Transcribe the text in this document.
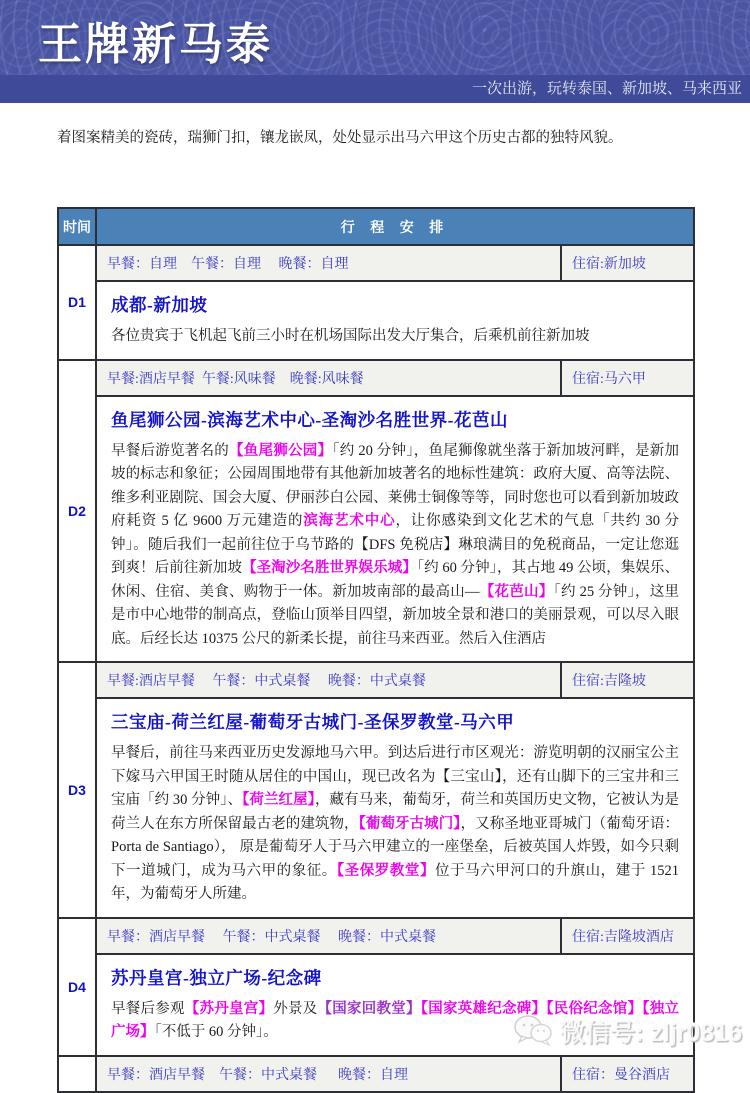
王牌新马泰
一次出游，玩转泰国、新加坡、马来西亚

着图案精美的瓷砖，瑞狮门扣，镶龙嵌凤，处处显示出马六甲这个历史古都的独特风貌。

时间	行 程 安 排	
D1	早餐：自理    午餐：自理     晚餐：自理	住宿:新加坡

	成都-新加坡

各位贵宾于飞机起飞前三小时在机场国际出发大厅集合，后乘机前往新加坡	

D2	早餐:酒店早餐  午餐:风味餐    晚餐:风味餐	住宿:马六甲

	鱼尾狮公园-滨海艺术中心-圣淘沙名胜世界-花芭山

早餐后游览著名的【鱼尾狮公园】「约 20 分钟」，鱼尾狮像就坐落于新加坡河畔，是新加坡的标志和象征；公园周围地带有其他新加坡著名的地标性建筑：政府大厦、高等法院、维多利亚剧院、国会大厦、伊丽莎白公园、莱佛士铜像等等，同时您也可以看到新加坡政府耗资 5 亿 9600 万元建造的滨海艺术中心，让你感染到文化艺术的气息「共约 30 分钟」。随后我们一起前往位于乌节路的【DFS 免税店】琳琅满目的免税商品，一定让您逛到爽！后前往新加坡【圣淘沙名胜世界娱乐城】「约 60 分钟」，其占地 49 公顷，集娱乐、休闲、住宿、美食、购物于一体。新加坡南部的最高山—【花芭山】「约 25 分钟」，这里是市中心地带的制高点，登临山顶举目四望，新加坡全景和港口的美丽景观，可以尽入眼底。后经长达 10375 公尺的新柔长提，前往马来西亚。然后入住酒店	

D3	早餐:酒店早餐     午餐：中式桌餐     晚餐：中式桌餐	住宿:吉隆坡

	三宝庙-荷兰红屋-葡萄牙古城门-圣保罗教堂-马六甲

早餐后，前往马来西亚历史发源地马六甲。到达后进行市区观光：游览明朝的汉丽宝公主下嫁马六甲国王时随从居住的中国山，现已改名为【三宝山】，还有山脚下的三宝井和三宝庙「约 30 分钟」、【荷兰红屋】，藏有马来，葡萄牙，荷兰和英国历史文物，它被认为是荷兰人在东方所保留最古老的建筑物，【葡萄牙古城门】，又称圣地亚哥城门（葡萄牙语：Porta de Santiago）， 原是葡萄牙人于马六甲建立的一座堡垒，后被英国人炸毁，如今只剩下一道城门，成为马六甲的象征。【圣保罗教堂】位于马六甲河口的升旗山，建于 1521 年，为葡萄牙人所建。	

D4	早餐：酒店早餐     午餐：中式桌餐     晚餐：中式桌餐	住宿:吉隆坡酒店

	苏丹皇宫-独立广场-纪念碑

早餐后参观【苏丹皇宫】外景及【国家回教堂】【国家英雄纪念碑】【民俗纪念馆】【独立广场】「不低于 60 分钟」。	

	早餐：酒店早餐    午餐：中式桌餐      晚餐：自理	住宿：曼谷酒店
微信号: zljr0816
